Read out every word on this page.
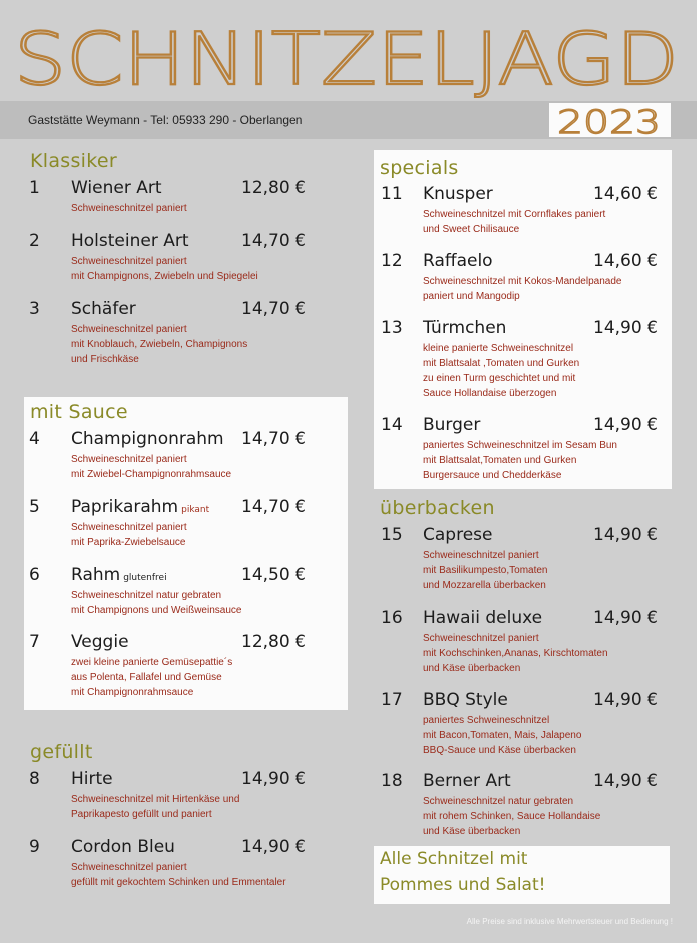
SCHNITZELJAGD
Gaststätte Weymann - Tel: 05933 290 - Oberlangen	2023
Klassiker
mit Sauce
gefüllt
specials
überbacken
1 Wiener Art	12,80 €
Schweineschnitzel paniert
2 Holsteiner Art	14,70 €
Schweineschnitzel paniert
mit Champignons, Zwiebeln und Spiegelei
3 Schäfer	14,70 €
Schweineschnitzel paniert
mit Knoblauch, Zwiebeln, Champignons
und Frischkäse
4 Champignonrahm 14,70 €
Schweineschnitzel paniert
mit Zwiebel-Champignonrahmsauce
5 Paprikarahm pikant 14,70 €
Schweineschnitzel paniert
mit Paprika-Zwiebelsauce
6 Rahm glutenfrei	14,50 €
Schweineschnitzel natur gebraten
mit Champignons und Weißweinsauce
7 Veggie	12,80 €
zwei kleine panierte Gemüsepattie´s
aus Polenta, Fallafel und Gemüse
mit Champignonrahmsauce
8 Hirte	14,90 €
Schweineschnitzel mit Hirtenkäse und
Paprikapesto gefüllt und paniert
9 Cordon Bleu	14,90 €
Schweineschnitzel paniert
gefüllt mit gekochtem Schinken und Emmentaler
11 Knusper	14,60 €
Schweineschnitzel mit Cornflakes paniert
und Sweet Chilisauce
12 Raffaelo	14,60 €
Schweineschnitzel mit Kokos-Mandelpanade
paniert und Mangodip
13 Türmchen	14,90 €
kleine panierte Schweineschnitzel
mit Blattsalat ,Tomaten und Gurken
zu einen Turm geschichtet und mit
Sauce Hollandaise überzogen
14 Burger	14,90 €
paniertes Schweineschnitzel im Sesam Bun
mit Blattsalat,Tomaten und Gurken
Burgersauce und Chedderkäse
15 Caprese	14,90 €
Schweineschnitzel paniert
mit Basilikumpesto,Tomaten
und Mozzarella überbacken
16 Hawaii deluxe	14,90 €
Schweineschnitzel paniert
mit Kochschinken,Ananas, Kirschtomaten
und Käse überbacken
17 BBQ Style	14,90 €
paniertes Schweineschnitzel
mit Bacon,Tomaten, Mais, Jalapeno
BBQ-Sauce und Käse überbacken
18 Berner Art	14,90 €
Schweineschnitzel natur gebraten
mit rohem Schinken, Sauce Hollandaise
und Käse überbacken
Alle Schnitzel mit
Pommes und Salat!
Alle Preise sind inklusive Mehrwertsteuer und Bedienung !
